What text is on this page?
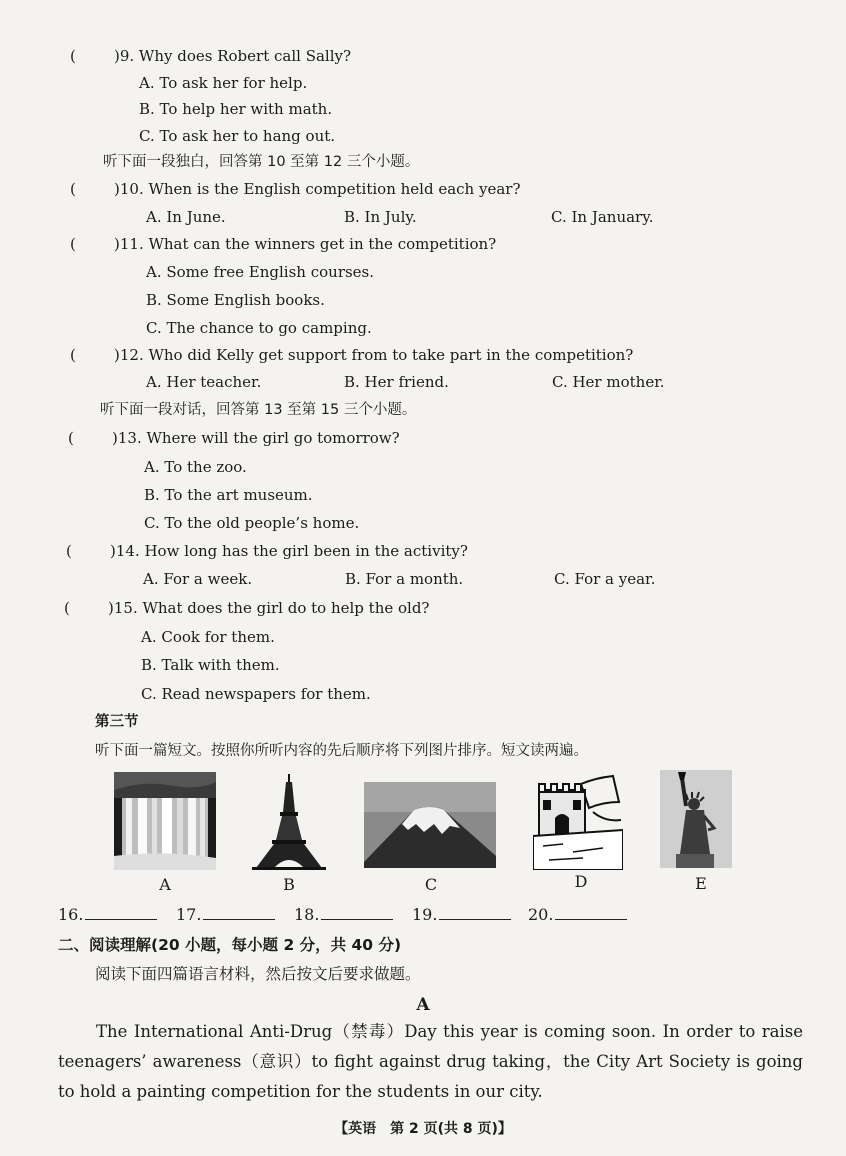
(	)9. Why does Robert call Sally?
A. To ask her for help.
B. To help her with math.
C. To ask her to hang out.
听下面一段独白，回答第 10 至第 12 三个小题。
(	)10. When is the English competition held each year?
A. In June.	B. In July.	C. In January.
(	)11. What can the winners get in the competition?
A. Some free English courses.
B. Some English books.
C. The chance to go camping.
(	)12. Who did Kelly get support from to take part in the competition?
A. Her teacher.	B. Her friend.	C. Her mother.
听下面一段对话，回答第 13 至第 15 三个小题。
(	)13. Where will the girl go tomorrow?
A. To the zoo.
B. To the art museum.
C. To the old people’s home.
(	)14. How long has the girl been in the activity?
A. For a week.	B. For a month.	C. For a year.
(	)15. What does the girl do to help the old?
A. Cook for them.
B. Talk with them.
C. Read newspapers for them.
第三节
听下面一篇短文。按照你所听内容的先后顺序将下列图片排序。短文读两遍。
A	B	C	D	E
16.	17.	18.	19.	20.
二、阅读理解(20 小题，每小题 2 分，共 40 分)
阅读下面四篇语言材料，然后按文后要求做题。
A

The International Anti-Drug（禁毒）Day this year is coming soon. In order to raise teenagers’ awareness（意识）to fight against drug taking，the City Art Society is going to hold a painting competition for the students in our city.

【英语　第 2 页(共 8 页)】
